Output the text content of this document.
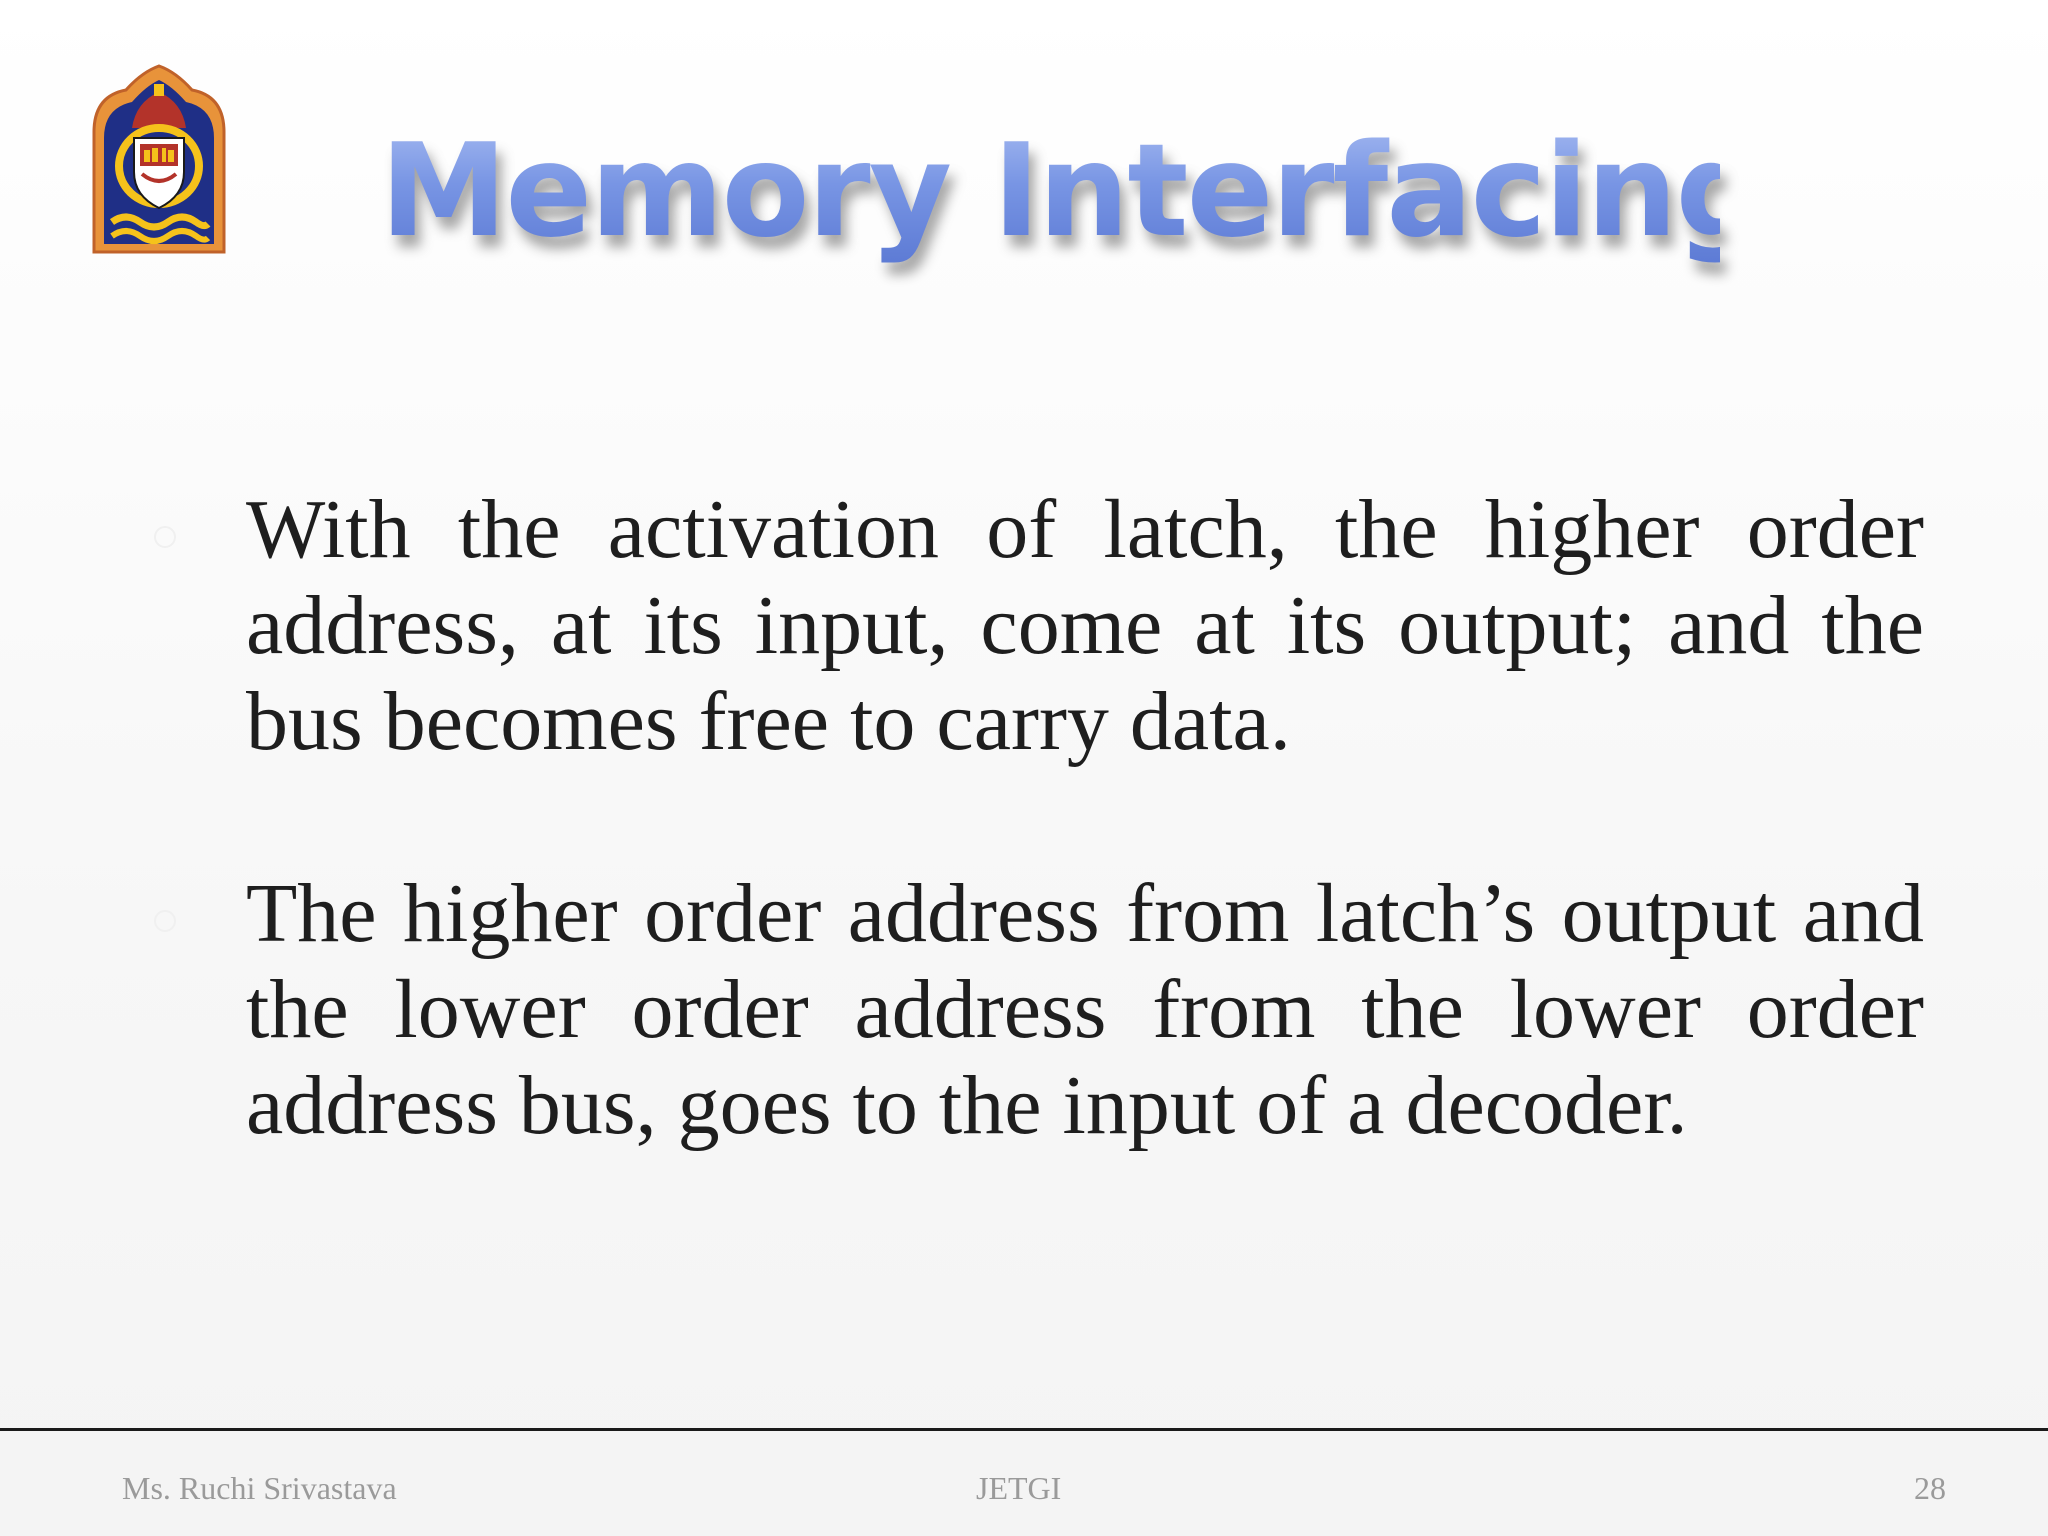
Memory Interfacing

With the activation of latch, the higher order address, at its input, come at its output; and the bus becomes free to carry data.

The higher order address from latch’s output and the lower order address from the lower order address bus, goes to the input of a decoder.

Ms. Ruchi Srivastava	JETGI	28
